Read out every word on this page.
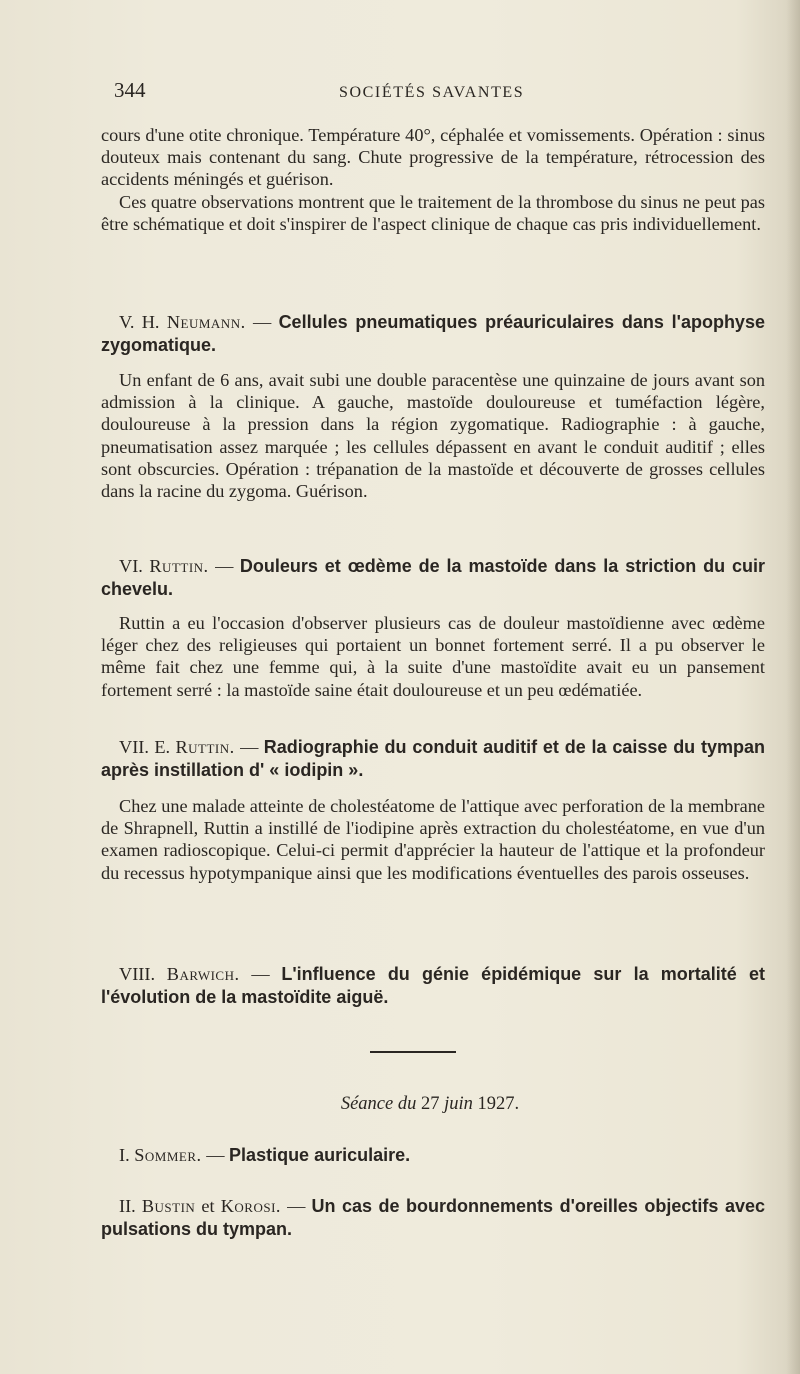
344	SOCIÉTÉS SAVANTES

cours d'une otite chronique. Température 40°, céphalée et vomissements. Opération : sinus douteux mais contenant du sang. Chute progressive de la température, rétrocession des accidents méningés et guérison.

Ces quatre observations montrent que le traitement de la thrombose du sinus ne peut pas être schématique et doit s'inspirer de l'aspect clinique de chaque cas pris individuellement.

V. H. Neumann. — Cellules pneumatiques préauriculaires dans l'apophyse zygomatique.
Un enfant de 6 ans, avait subi une double paracentèse une quinzaine de jours avant son admission à la clinique. A gauche, mastoïde douloureuse et tuméfaction légère, douloureuse à la pression dans la région zygomatique. Radiographie : à gauche, pneumatisation assez marquée ; les cellules dépassent en avant le conduit auditif ; elles sont obscurcies. Opération : trépanation de la mastoïde et découverte de grosses cellules dans la racine du zygoma. Guérison.
VI. Ruttin. — Douleurs et œdème de la mastoïde dans la striction du cuir chevelu.
Ruttin a eu l'occasion d'observer plusieurs cas de douleur mastoïdienne avec œdème léger chez des religieuses qui portaient un bonnet fortement serré. Il a pu observer le même fait chez une femme qui, à la suite d'une mastoïdite avait eu un pansement fortement serré : la mastoïde saine était douloureuse et un peu œdématiée.
VII. E. Ruttin. — Radiographie du conduit auditif et de la caisse du tympan après instillation d' « iodipin ».
Chez une malade atteinte de cholestéatome de l'attique avec perforation de la membrane de Shrapnell, Ruttin a instillé de l'iodipine après extraction du cholestéatome, en vue d'un examen radioscopique. Celui-ci permit d'apprécier la hauteur de l'attique et la profondeur du recessus hypotympanique ainsi que les modifications éventuelles des parois osseuses.
VIII. Barwich. — L'influence du génie épidémique sur la mortalité et l'évolution de la mastoïdite aiguë.
Séance du 27 juin 1927.
I. Sommer. — Plastique auriculaire.
II. Bustin et Korosi. — Un cas de bourdonnements d'oreilles objectifs avec pulsations du tympan.
